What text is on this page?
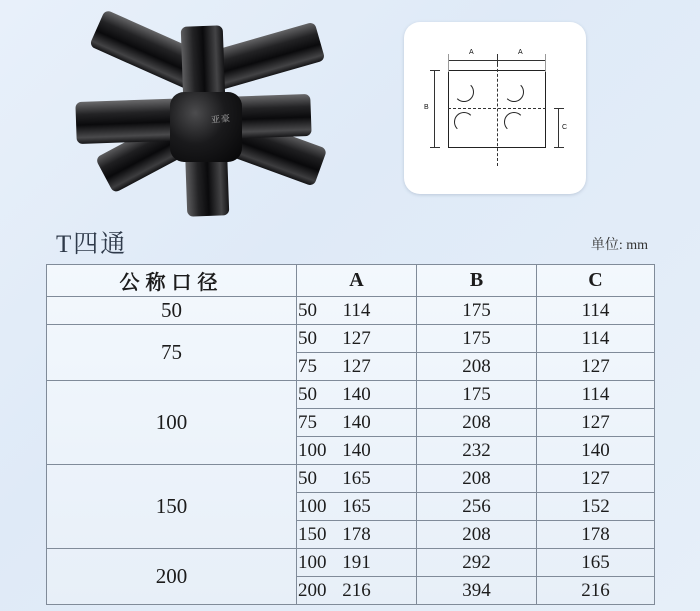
亚豪
A	A
B
C
T四通	单位: mm
公称口径	A	B	C
50	50	114	175	114
75	50	127	175	114
	75	127	208	127
100	50	140	175	114
	75	140	208	127
	100	140	232	140
150	50	165	208	127
	100	165	256	152
	150	178	208	178
200	100	191	292	165
	200	216	394	216
